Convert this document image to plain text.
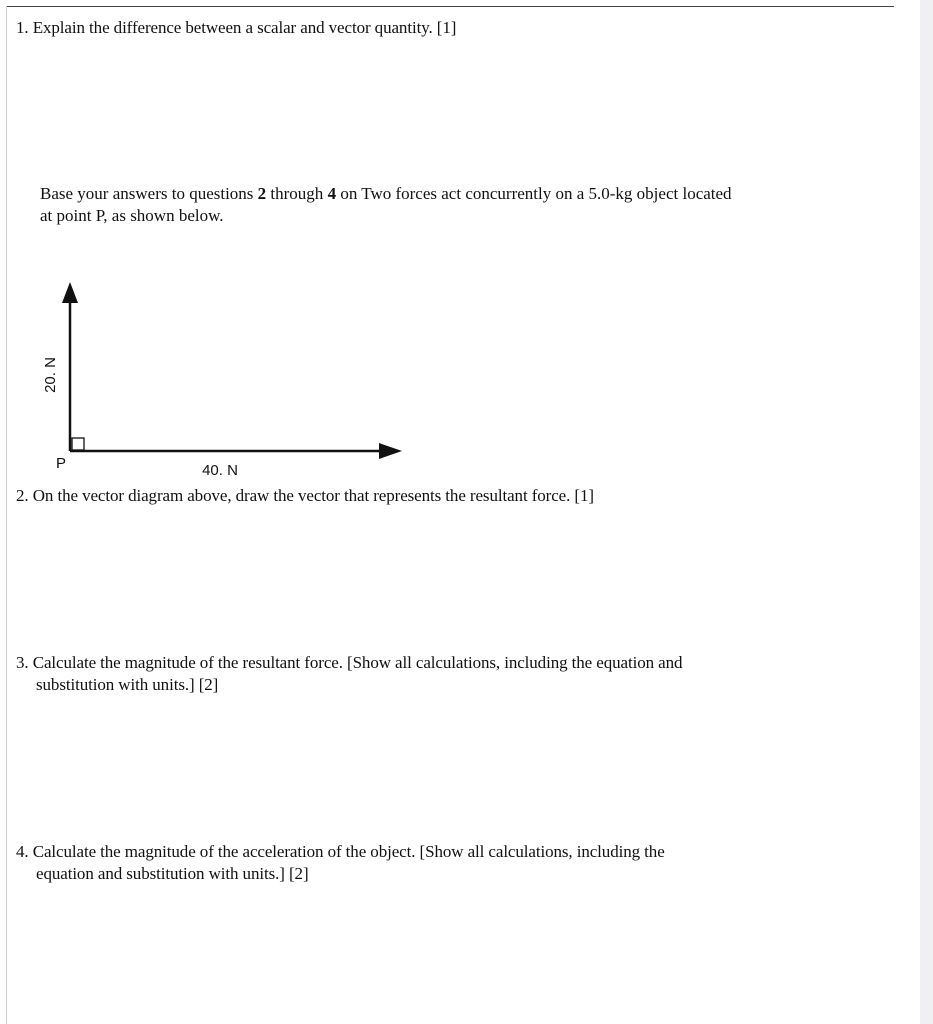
1. Explain the difference between a scalar and vector quantity. [1]
Base your answers to questions 2 through 4 on Two forces act concurrently on a 5.0-kg object located
at point P, as shown below.
20. N
P	40. N
2. On the vector diagram above, draw the vector that represents the resultant force. [1]
3. Calculate the magnitude of the resultant force. [Show all calculations, including the equation and
substitution with units.] [2]
4. Calculate the magnitude of the acceleration of the object. [Show all calculations, including the
equation and substitution with units.] [2]
